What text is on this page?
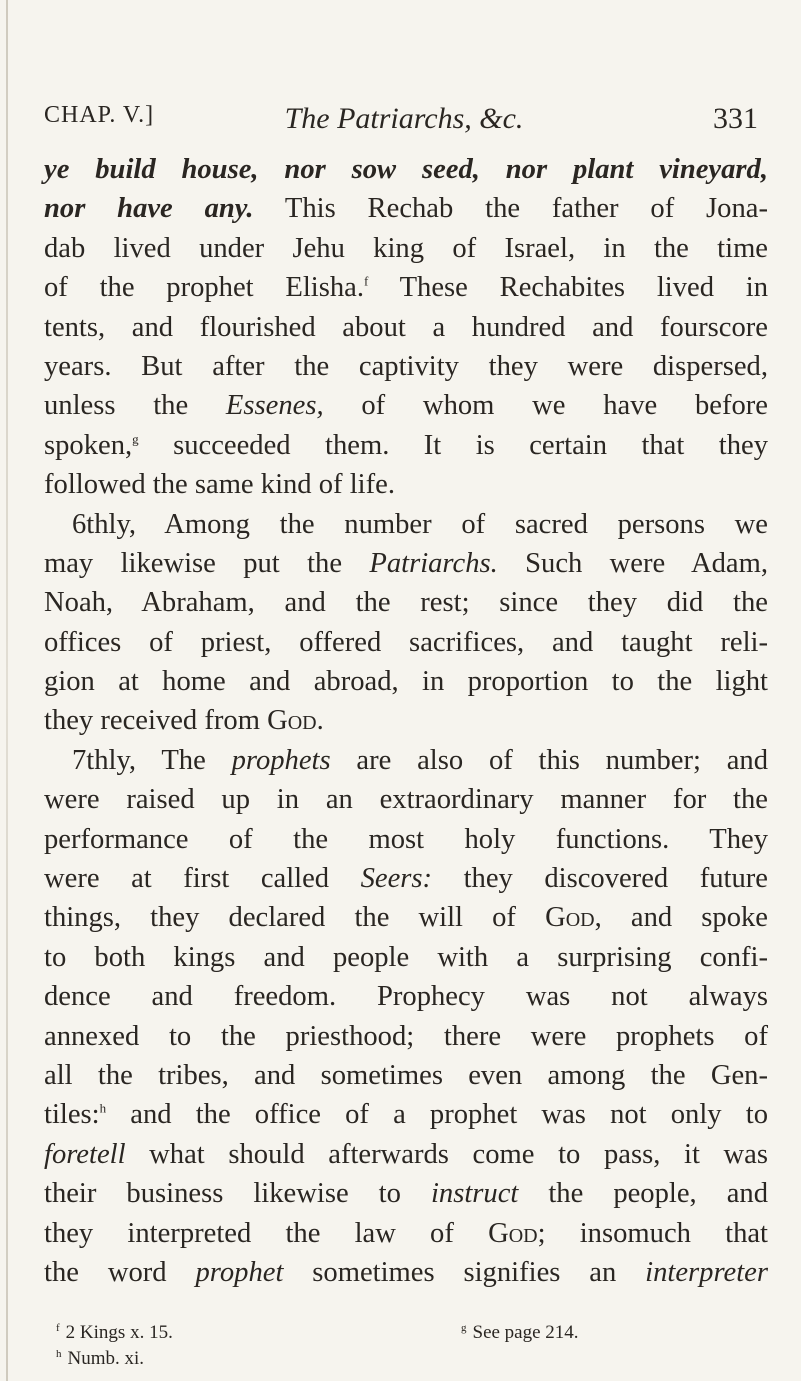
CHAP. V.]	The Patriarchs, &c.	331
ye build house, nor sow seed, nor plant vineyard,
nor have any. This Rechab the father of Jona-
dab lived under Jehu king of Israel, in the time
of the prophet Elisha.$^f$ These Rechabites lived in
tents, and flourished about a hundred and fourscore
years. But after the captivity they were dispersed,
unless the Essenes, of whom we have before
spoken,$^g$ succeeded them. It is certain that they
followed the same kind of life.
6thly, Among the number of sacred persons we
may likewise put the Patriarchs. Such were Adam,
Noah, Abraham, and the rest; since they did the
offices of priest, offered sacrifices, and taught reli-
gion at home and abroad, in proportion to the light
they received from God.
7thly, The prophets are also of this number; and
were raised up in an extraordinary manner for the
performance of the most holy functions. They
were at first called Seers: they discovered future
things, they declared the will of God, and spoke
to both kings and people with a surprising confi-
dence and freedom. Prophecy was not always
annexed to the priesthood; there were prophets of
all the tribes, and sometimes even among the Gen-
tiles:$^h$ and the office of a prophet was not only to
foretell what should afterwards come to pass, it was
their business likewise to instruct the people, and
they interpreted the law of God; insomuch that
the word prophet sometimes signifies an interpreter
$^f$ 2 Kings x. 15.	$^g$ See page 214.
$^h$ Numb. xi.
